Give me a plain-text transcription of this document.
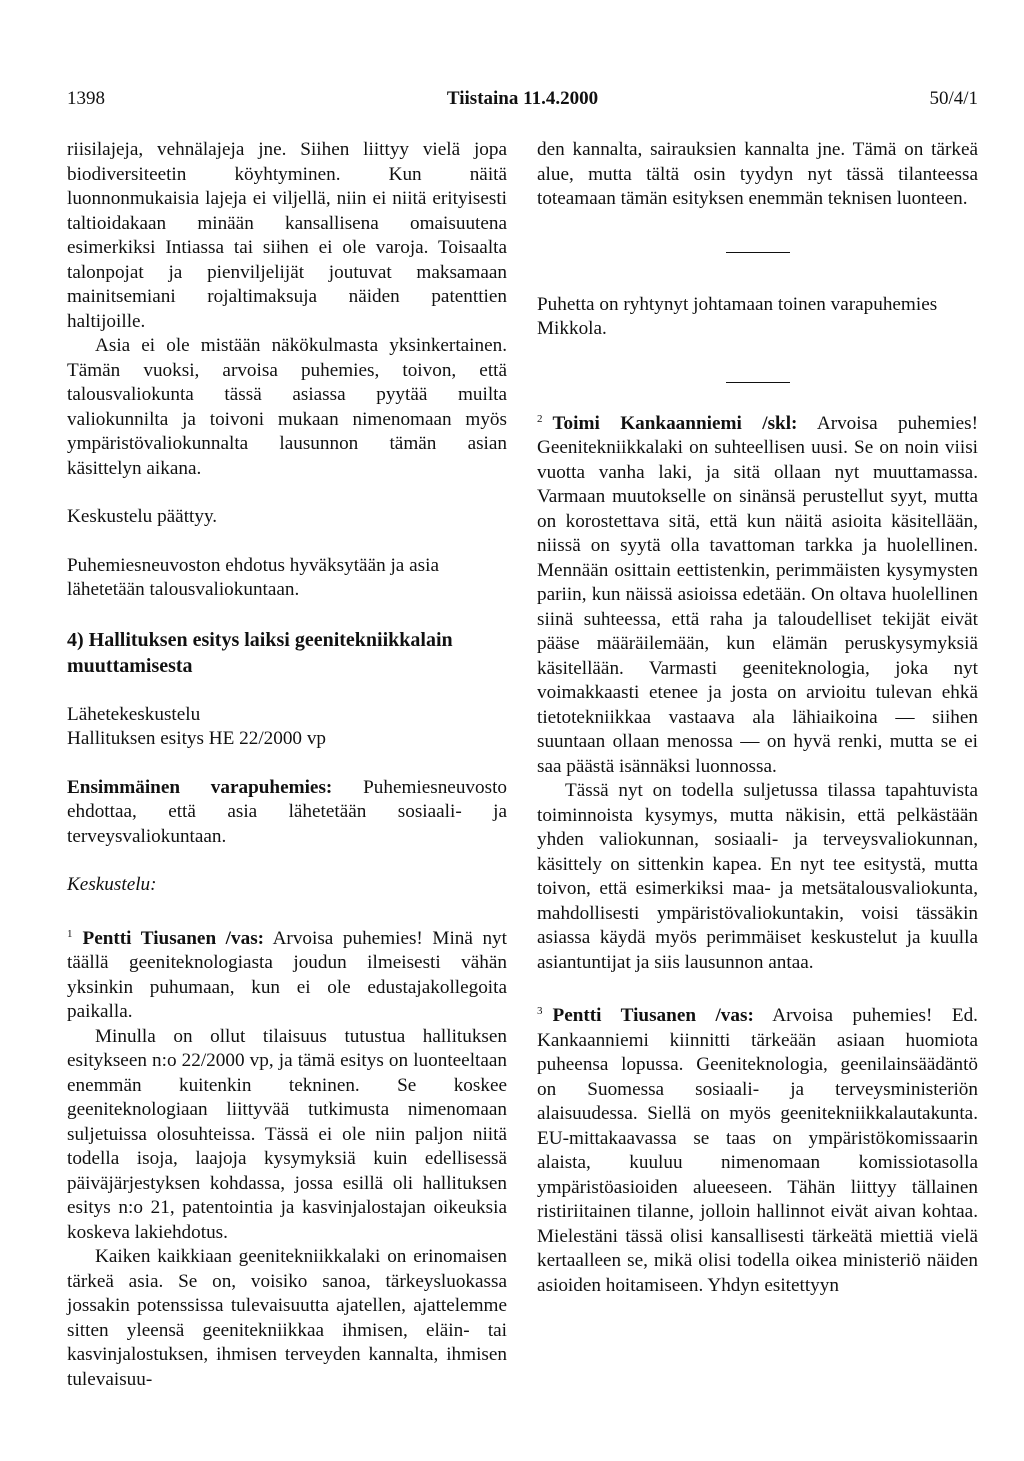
1398	Tiistaina 11.4.2000	50/4/1

riisilajeja, vehnälajeja jne. Siihen liittyy vielä jopa biodiversiteetin köyhtyminen. Kun näitä luonnonmukaisia lajeja ei viljellä, niin ei niitä erityisesti taltioidakaan minään kansallisena omaisuutena esimerkiksi Intiassa tai siihen ei ole varoja. Toisaalta talonpojat ja pienviljelijät joutuvat maksamaan mainitsemiani rojaltimaksuja näiden patenttien haltijoille.

Asia ei ole mistään näkökulmasta yksinkertainen. Tämän vuoksi, arvoisa puhemies, toivon, että talousvaliokunta tässä asiassa pyytää muilta valiokunnilta ja toivoni mukaan nimenomaan myös ympäristövaliokunnalta lausunnon tämän asian käsittelyn aikana.

Keskustelu päättyy.

Puhemiesneuvoston ehdotus hyväksytään ja asia lähetetään talousvaliokuntaan.

4) Hallituksen esitys laiksi geenitekniikkalain muuttamisesta

Lähetekeskustelu

Hallituksen esitys HE 22/2000 vp

Ensimmäinen varapuhemies: Puhemiesneuvosto ehdottaa, että asia lähetetään sosiaali- ja terveysvaliokuntaan.

Keskustelu:

$^1$ Pentti Tiusanen /vas: Arvoisa puhemies! Minä nyt täällä geeniteknologiasta joudun ilmeisesti vähän yksinkin puhumaan, kun ei ole edustajakollegoita paikalla.

Minulla on ollut tilaisuus tutustua hallituksen esitykseen n:o 22/2000 vp, ja tämä esitys on luonteeltaan enemmän kuitenkin tekninen. Se koskee geeniteknologiaan liittyvää tutkimusta nimenomaan suljetuissa olosuhteissa. Tässä ei ole niin paljon niitä todella isoja, laajoja kysymyksiä kuin edellisessä päiväjärjestyksen kohdassa, jossa esillä oli hallituksen esitys n:o 21, patentointia ja kasvinjalostajan oikeuksia koskeva lakiehdotus.

Kaiken kaikkiaan geenitekniikkalaki on erinomaisen tärkeä asia. Se on, voisiko sanoa, tärkeysluokassa jossakin potenssissa tulevaisuutta ajatellen, ajattelemme sitten yleensä geenitekniikkaa ihmisen, eläin- tai kasvinjalostuksen, ihmisen terveyden kannalta, ihmisen tulevaisuu-

den kannalta, sairauksien kannalta jne. Tämä on tärkeä alue, mutta tältä osin tyydyn nyt tässä tilanteessa toteamaan tämän esityksen enemmän teknisen luonteen.

Puhetta on ryhtynyt johtamaan toinen varapuhemies Mikkola.

$^2$ Toimi Kankaanniemi /skl: Arvoisa puhemies! Geenitekniikkalaki on suhteellisen uusi. Se on noin viisi vuotta vanha laki, ja sitä ollaan nyt muuttamassa. Varmaan muutokselle on sinänsä perustellut syyt, mutta on korostettava sitä, että kun näitä asioita käsitellään, niissä on syytä olla tavattoman tarkka ja huolellinen. Mennään osittain eettistenkin, perimmäisten kysymysten pariin, kun näissä asioissa edetään. On oltava huolellinen siinä suhteessa, että raha ja taloudelliset tekijät eivät pääse määräilemään, kun elämän peruskysymyksiä käsitellään. Varmasti geeniteknologia, joka nyt voimakkaasti etenee ja josta on arvioitu tulevan ehkä tietotekniikkaa vastaava ala lähiaikoina — siihen suuntaan ollaan menossa — on hyvä renki, mutta se ei saa päästä isännäksi luonnossa.

Tässä nyt on todella suljetussa tilassa tapahtuvista toiminnoista kysymys, mutta näkisin, että pelkästään yhden valiokunnan, sosiaali- ja terveysvaliokunnan, käsittely on sittenkin kapea. En nyt tee esitystä, mutta toivon, että esimerkiksi maa- ja metsätalousvaliokunta, mahdollisesti ympäristövaliokuntakin, voisi tässäkin asiassa käydä myös perimmäiset keskustelut ja kuulla asiantuntijat ja siis lausunnon antaa.

$^3$ Pentti Tiusanen /vas: Arvoisa puhemies! Ed. Kankaanniemi kiinnitti tärkeään asiaan huomiota puheensa lopussa. Geeniteknologia, geenilainsäädäntö on Suomessa sosiaali- ja terveysministeriön alaisuudessa. Siellä on myös geenitekniikkalautakunta. EU-mittakaavassa se taas on ympäristökomissaarin alaista, kuuluu nimenomaan komissiotasolla ympäristöasioiden alueeseen. Tähän liittyy tällainen ristiriitainen tilanne, jolloin hallinnot eivät aivan kohtaa. Mielestäni tässä olisi kansallisesti tärkeätä miettiä vielä kertaalleen se, mikä olisi todella oikea ministeriö näiden asioiden hoitamiseen. Yhdyn esitettyyn
